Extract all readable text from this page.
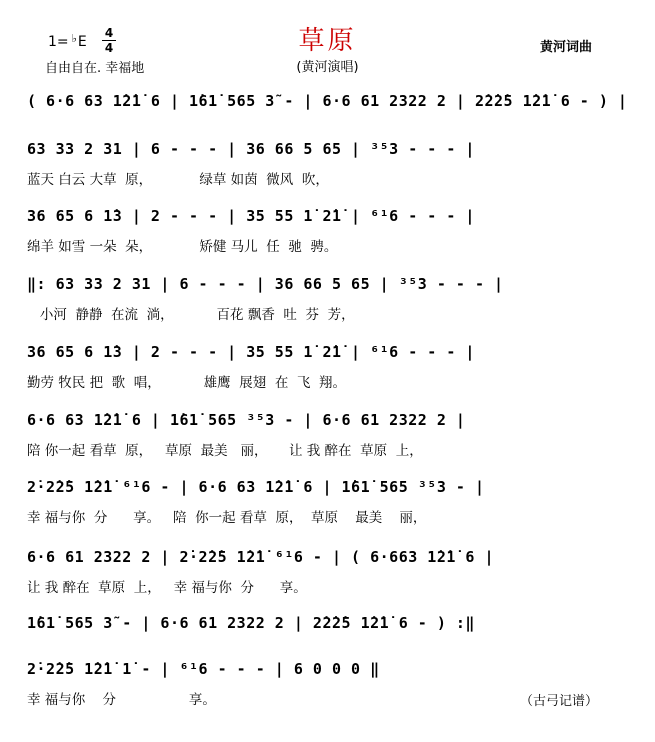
1= ♭E
4
4
自由自在. 幸福地
草原
(黄河演唱)
黄河词曲
( 6·6 63 1̇2̇1̇ 6 | 1̇61̇ 565 3̃ - | 6·6 61 2322 2 | 2̇2̇2̇5 1̇2̇1̇ 6 - ) |
63 33 2 31 | 6 - - - | 36 66 5 65 | ³⁵3 - - - |
蓝天 白云 大草  原，           绿草 如茵  微风  吹，
36 65 6 1̇3 | 2 - - - | 35 55 1̇ 2̇1̇ | ⁶¹6 - - - |
绵羊 如雪 一朵  朵，           矫健 马儿  任  驰  骋。
‖: 63 33 2 31 | 6 - - - | 36 66 5 65 | ³⁵3 - - - |
小河  静静  在流  淌，          百花 飘香  吐  芬  芳，
36 65 6 1̇3 | 2 - - - | 35 55 1̇ 2̇1̇ | ⁶¹6 - - - |
勤劳 牧民 把  歌  唱，          雄鹰  展翅  在  飞  翔。
6·6 63 1̇2̇1̇ 6 | 1̇61̇ 565 ³⁵3 - | 6·6 61 2322 2 |
陪 你一起 看草  原，   草原  最美   丽，     让 我 醉在  草原  上，
2̇·2̇2̇5 1̇2̇1̇ ⁶¹6 - | 6·6 63 1̇2̇1̇ 6 | 1̇61̇ 565 ³⁵3 - |
幸 福与你  分      享。   陪  你一起 看草  原，  草原    最美    丽，
6·6 61 2322 2 | 2̇·2̇2̇5 1̇2̇1̇ ⁶¹6 - | ( 6·663 1̇2̇1̇ 6 |
让 我 醉在  草原  上，   幸 福与你  分      享。
1̇61̇ 565 3̃ - | 6·6 61 2322 2 | 2̇2̇2̇5 1̇2̇1̇ 6 - ) :‖
2̇·2̇2̇5 1̇2̇1̇ 1̇ - | ⁶¹6 - - - | 6 0 0 0 ‖
幸 福与你    分                 享。	（古弓记谱）
